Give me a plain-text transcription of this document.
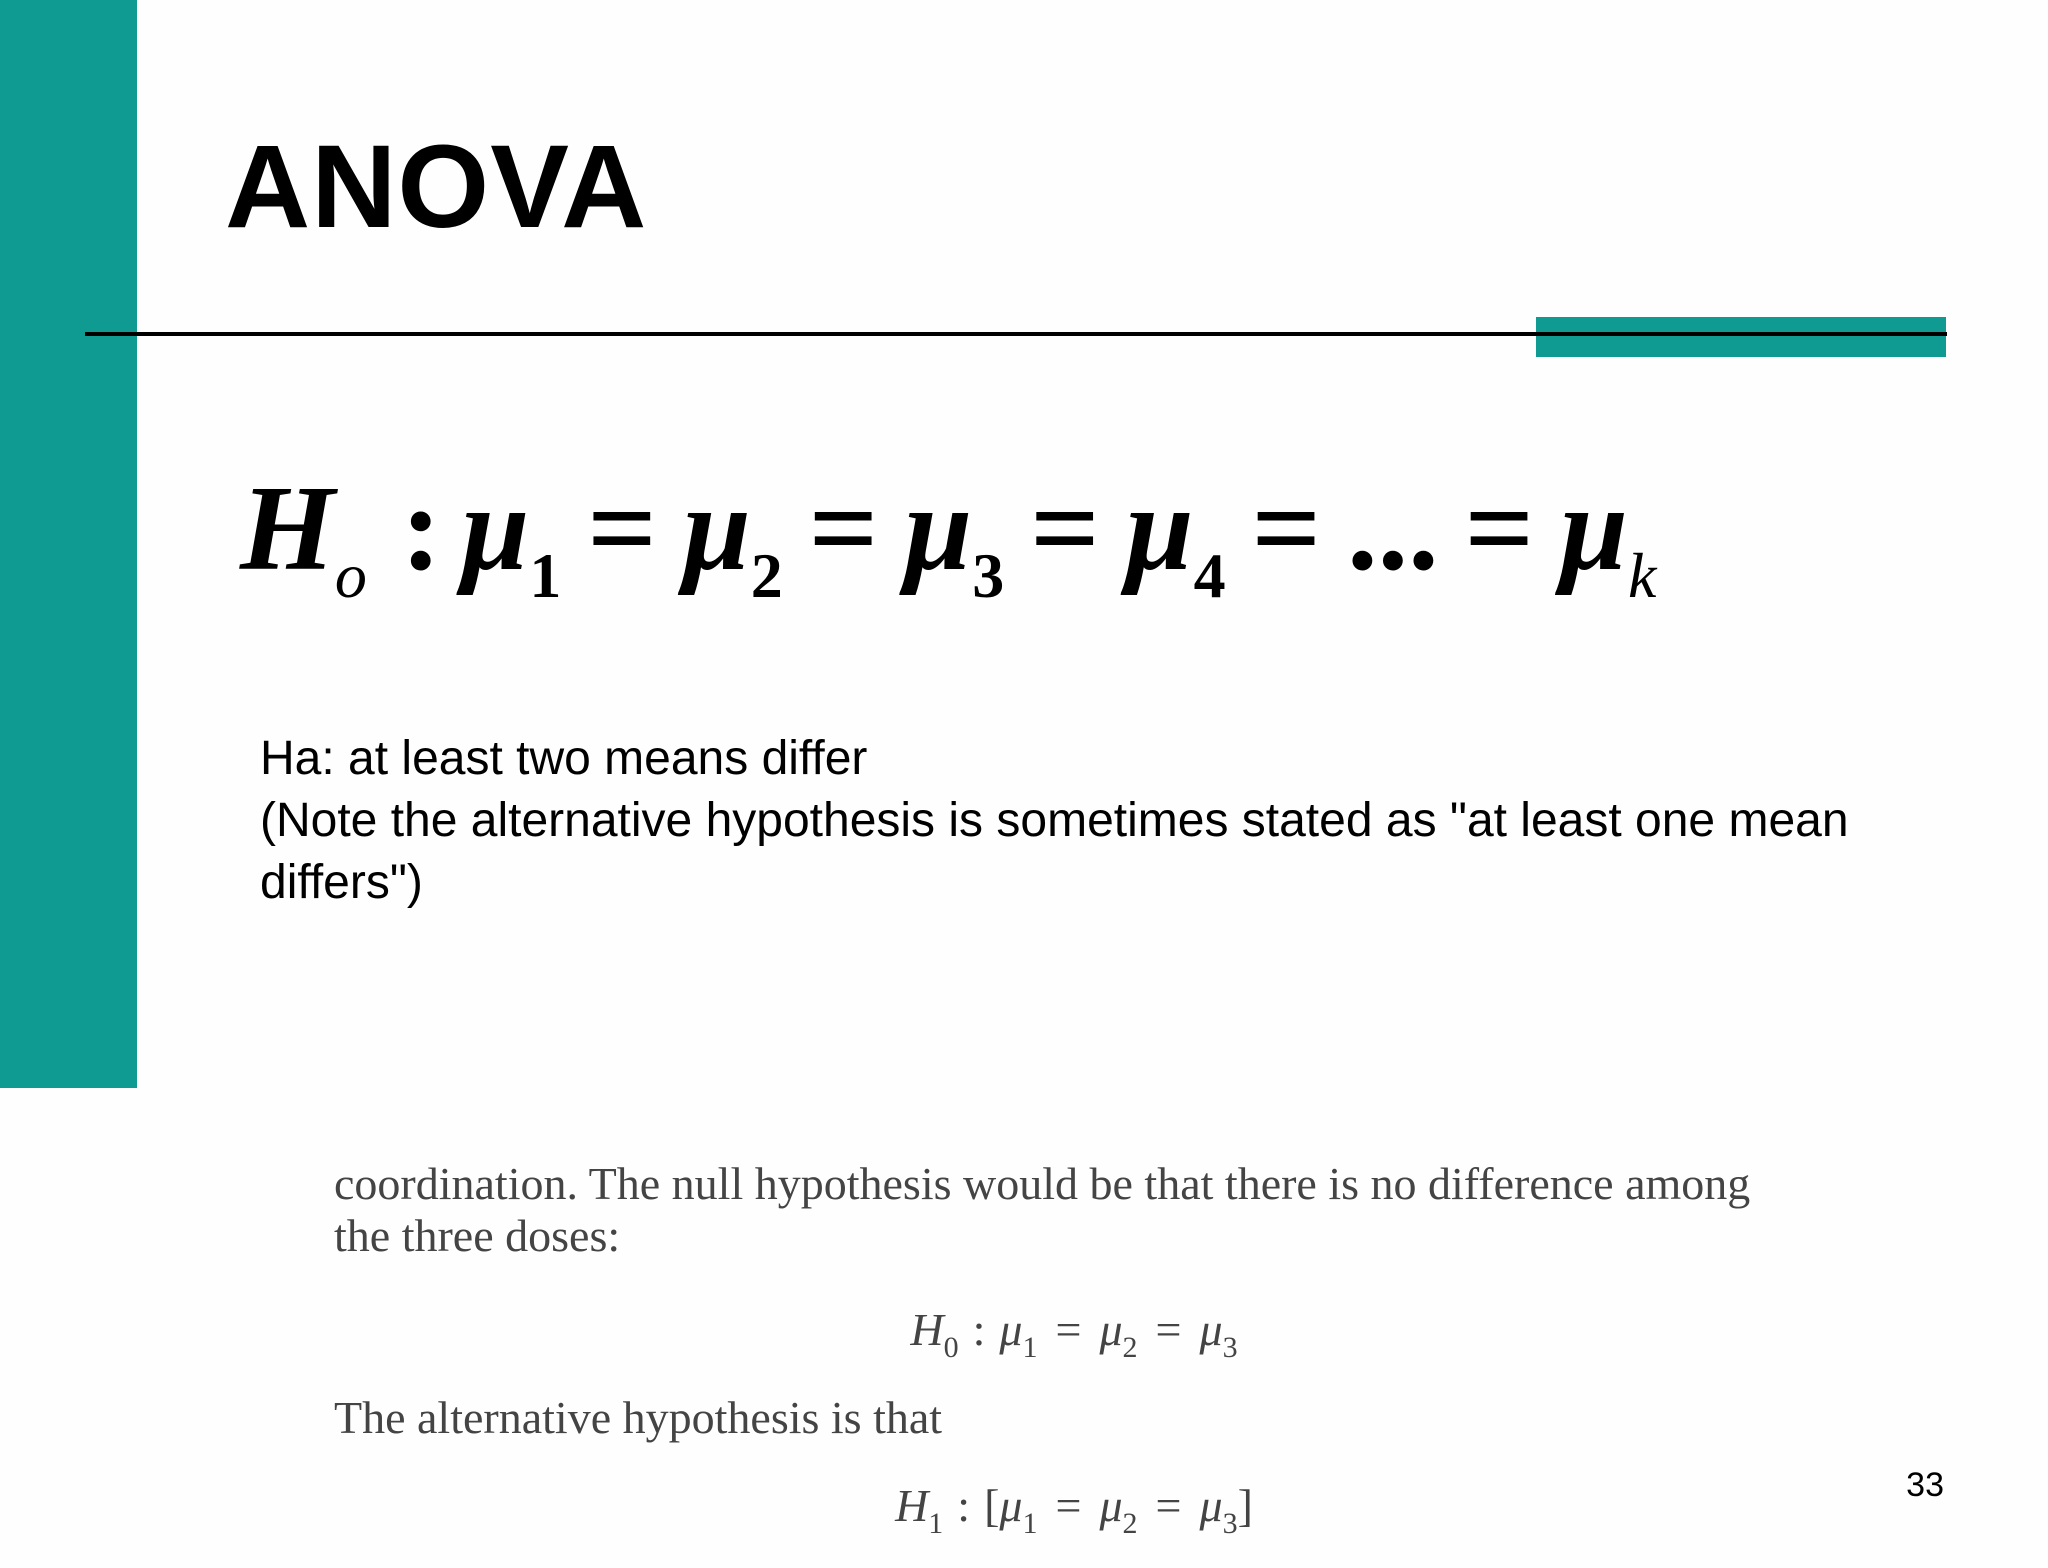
ANOVA
$H_o$ : $\mu_1 = \mu_2 = \mu_3 = \mu_4$ = ... = $\mu_k$
Ha: at least two means differ
(Note the alternative hypothesis is sometimes stated as "at least one mean differs")

coordination. The null hypothesis would be that there is no difference among the three doses:

$H_0$ : $\mu_1 = \mu_2 = \mu_3$

The alternative hypothesis is that

$H_1$ : $[\mu_1 = \mu_2 = \mu_3]$	33
